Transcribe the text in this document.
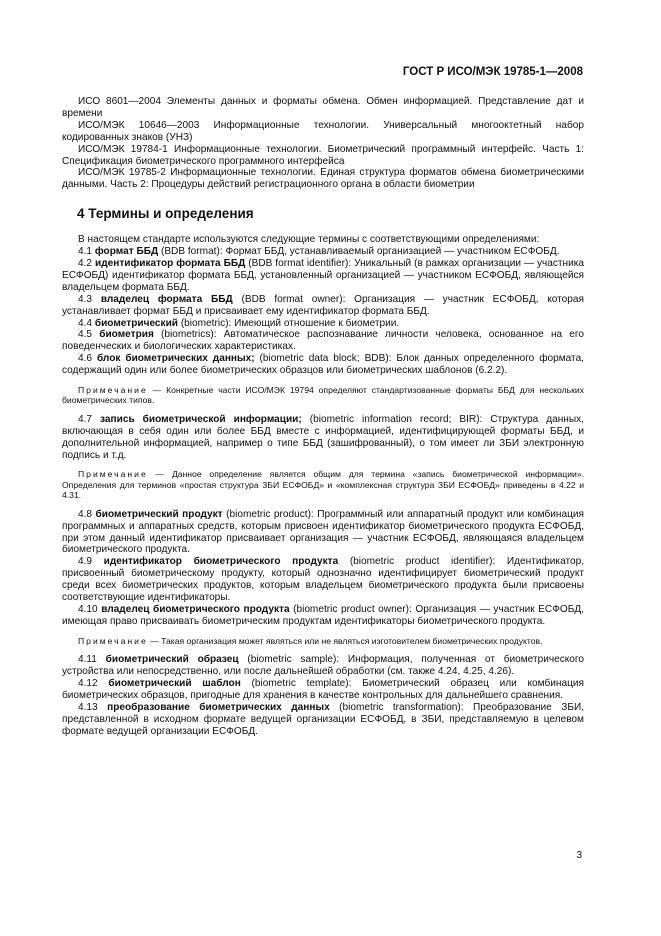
ГОСТ Р ИСО/МЭК 19785-1—2008

ИСО 8601—2004 Элементы данных и форматы обмена. Обмен информацией. Представление дат и времени

ИСО/МЭК 10646—2003 Информационные технологии. Универсальный многооктетный набор кодированных знаков (УНЗ)

ИСО/МЭК 19784-1 Информационные технологии. Биометрический программный интерфейс. Часть 1: Спецификация биометрического программного интерфейса

ИСО/МЭК 19785-2 Информационные технологии. Единая структура форматов обмена биометрическими данными. Часть 2: Процедуры действий регистрационного органа в области биометрии

4 Термины и определения

В настоящем стандарте используются следующие термины с соответствующими определениями:

4.1 формат ББД (BDB format): Формат ББД, устанавливаемый организацией — участником ЕСФОБД.

4.2 идентификатор формата ББД (BDB format identifier): Уникальный (в рамках организации — участника ЕСФОБД) идентификатор формата ББД, установленный организацией — участником ЕСФОБД, являющейся владельцем формата ББД.

4.3 владелец формата ББД (BDB format owner): Организация — участник ЕСФОБД, которая устанавливает формат ББД и присваивает ему идентификатор формата ББД.

4.4 биометрический (biometric): Имеющий отношение к биометрии.

4.5 биометрия (biometrics): Автоматическое распознавание личности человека, основанное на его поведенческих и биологических характеристиках.

4.6 блок биометрических данных; (biometric data block; BDB): Блок данных определенного формата, содержащий один или более биометрических образцов или биометрических шаблонов (6.2.2).

Примечание — Конкретные части ИСО/МЭК 19794 определяют стандартизованные форматы ББД для нескольких биометрических типов.

4.7 запись биометрической информации; (biometric information record; BIR): Структура данных, включающая в себя один или более ББД вместе с информацией, идентифицирующей форматы ББД, и дополнительной информацией, например о типе ББД (зашифрованный), о том имеет ли ЗБИ электронную подпись и т.д.

Примечание — Данное определение является общим для термина «запись биометрической информации». Определения для терминов «простая структура ЗБИ ЕСФОБД» и «комплексная структура ЗБИ ЕСФОБД» приведены в 4.22 и 4.31.

4.8 биометрический продукт (biometric product): Программный или аппаратный продукт или комбинация программных и аппаратных средств, которым присвоен идентификатор биометрического продукта ЕСФОБД, при этом данный идентификатор присваивает организация — участник ЕСФОБД, являющаяся владельцем биометрического продукта.

4.9 идентификатор биометрического продукта (biometric product identifier): Идентификатор, присвоенный биометрическому продукту, который однозначно идентифицирует биометрический продукт среди всех биометрических продуктов, которым владельцем биометрического продукта были присвоены соответствующие идентификаторы.

4.10 владелец биометрического продукта (biometric product owner): Организация — участник ЕСФОБД, имеющая право присваивать биометрическим продуктам идентификаторы биометрического продукта.

Примечание — Такая организация может являться или не являться изготовителем биометрических продуктов.

4.11 биометрический образец (biometric sample): Информация, полученная от биометрического устройства или непосредственно, или после дальнейшей обработки (см. также 4.24, 4.25, 4.26).

4.12 биометрический шаблон (biometric template): Биометрический образец или комбинация биометрических образцов, пригодные для хранения в качестве контрольных для дальнейшего сравнения.

4.13 преобразование биометрических данных (biometric transformation): Преобразование ЗБИ, представленной в исходном формате ведущей организации ЕСФОБД, в ЗБИ, представляемую в целевом формате ведущей организации ЕСФОБД.

3
